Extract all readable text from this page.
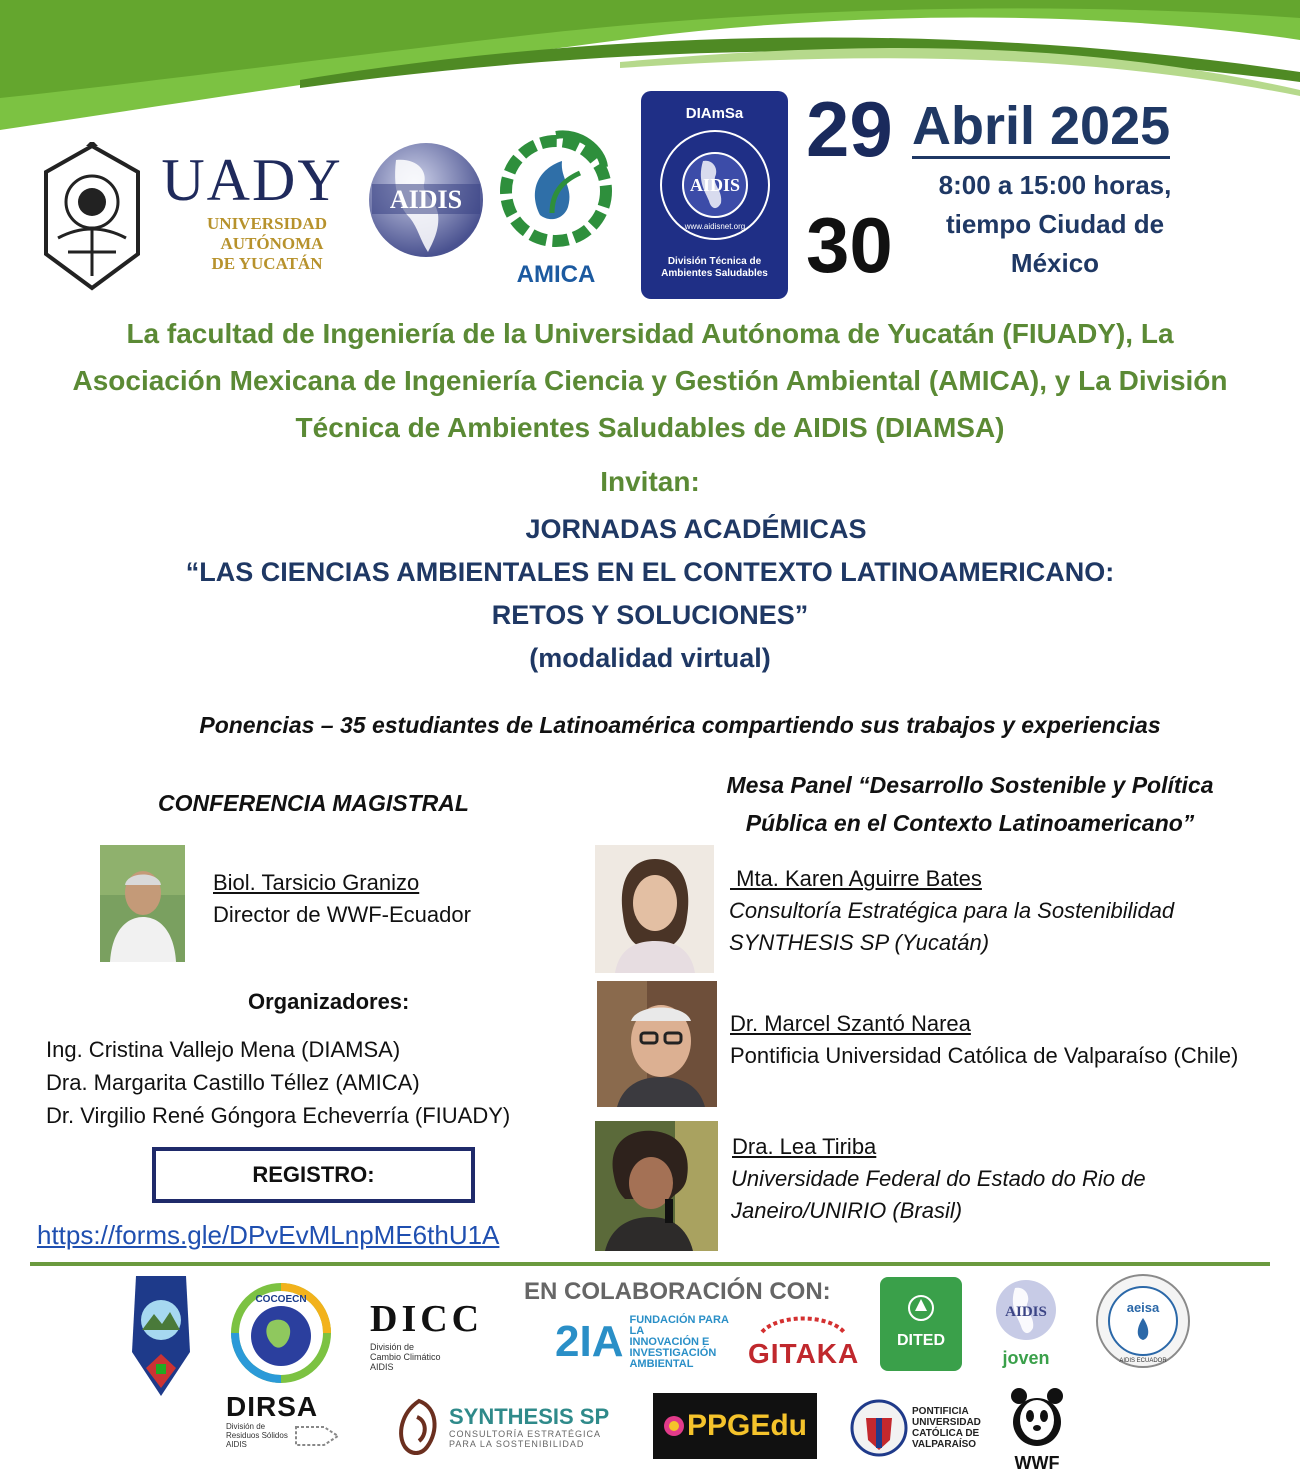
UADY
UNIVERSIDAD
AUTÓNOMA
DE YUCATÁN
AIDIS
AMICA
DIAmSa
AIDIS
www.aidisnet.org
División Técnica de
Ambientes Saludables
29
30
Abril 2025
8:00 a 15:00 horas,
tiempo Ciudad de
México
La facultad de Ingeniería de la Universidad Autónoma de Yucatán (FIUADY), La
Asociación Mexicana de Ingeniería Ciencia y Gestión Ambiental (AMICA), y La División
Técnica de Ambientes Saludables de AIDIS (DIAMSA)
Invitan:
JORNADAS ACADÉMICAS
“LAS CIENCIAS AMBIENTALES EN EL CONTEXTO LATINOAMERICANO:
RETOS Y SOLUCIONES”
(modalidad virtual)
Ponencias – 35 estudiantes de Latinoamérica compartiendo sus trabajos y experiencias
CONFERENCIA MAGISTRAL
Biol. Tarsicio Granizo
Director de WWF-Ecuador
Organizadores:
Ing. Cristina Vallejo Mena (DIAMSA)
Dra. Margarita Castillo Téllez (AMICA)
Dr. Virgilio René Góngora Echeverría (FIUADY)
REGISTRO:
https://forms.gle/DPvEvMLnpME6thU1A
Mesa Panel “Desarrollo Sostenible y Política
Pública en el Contexto Latinoamericano”
Mta. Karen Aguirre Bates
Consultoría Estratégica para la Sostenibilidad
SYNTHESIS SP (Yucatán)
Dr. Marcel Szantó Narea
Pontificia Universidad Católica de Valparaíso (Chile)
Dra. Lea Tiriba
Universidade Federal do Estado do Rio de
Janeiro/UNIRIO (Brasil)
EN COLABORACIÓN CON:
COCOECN DICC
División de
Cambio Climático
AIDIS
2IA FUNDACIÓN PARA LA
INNOVACIÓN E
INVESTIGACIÓN
AMBIENTAL	GITAKA	DITED
AIDIS
joven
aeisa
AIDIS ECUADOR
DIRSA
División de
Residuos Sólidos
AIDIS
SYNTHESIS SP
CONSULTORÍA ESTRATÉGICA
PARA LA SOSTENIBILIDAD
PPGEdu	PONTIFICIA
UNIVERSIDAD
CATÓLICA DE
VALPARAÍSO
WWF
